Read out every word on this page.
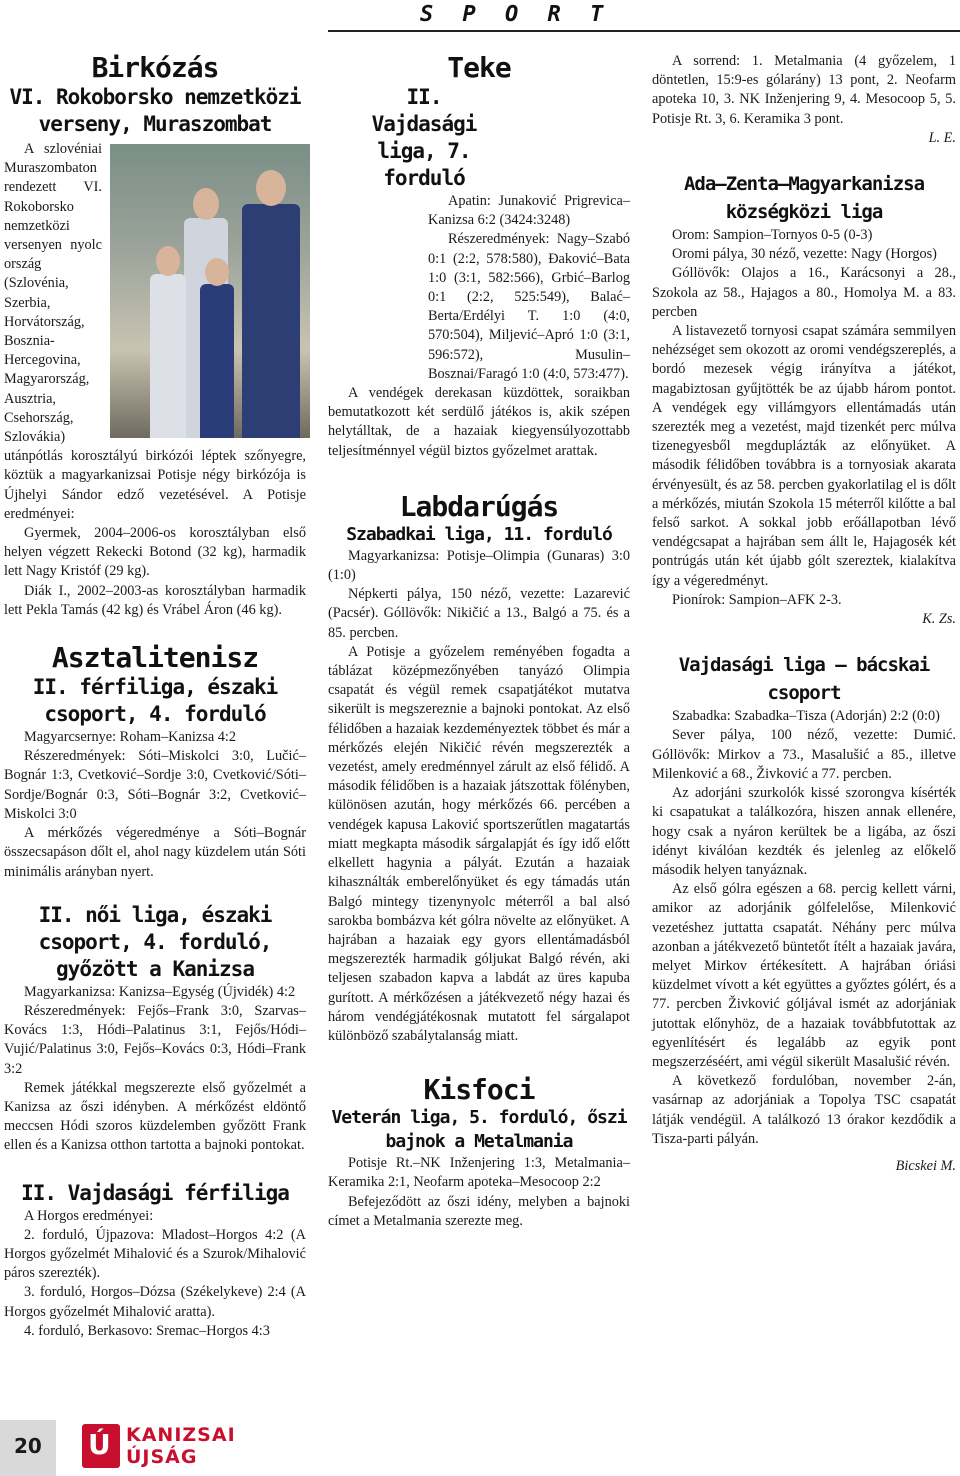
S P O R T
Birkózás
VI. Rokoborsko nemzetközi verseny, Muraszombat

A szlovéniai Muraszombaton rendezett VI. Rokoborsko nemzetközi versenyen nyolc ország (Szlovénia, Szerbia, Horvátország, Bosznia-Hercegovina, Magyarország, Ausztria, Csehország, Szlovákia) utánpótlás korosztályú birkózói léptek szőnyegre, köztük a magyarkanizsai Potisje négy birkózója is Újhelyi Sándor edző vezetésével. A Potisje eredményei:

Gyermek, 2004–2006-os korosztályban első helyen végzett Rekecki Botond (32 kg), harmadik lett Nagy Kristóf (29 kg).

Diák I., 2002–2003-as korosztályban harmadik lett Pekla Tamás (42 kg) és Vrábel Áron (46 kg).

Asztalitenisz
II. férfiliga, északi csoport, 4. forduló

Magyarcsernye: Roham–Kanizsa 4:2

Részeredmények: Sóti–Miskolci 3:0, Lučić–Bognár 1:3, Cvetković–Sordje 3:0, Cvetković/Sóti–Sordje/Bognár 0:3, Sóti–Bognár 3:2, Cvetković–Miskolci 3:0

A mérkőzés végeredménye a Sóti–Bognár összecsapáson dőlt el, ahol nagy küzdelem után Sóti minimális arányban nyert.

II. női liga, északi csoport, 4. forduló, győzött a Kanizsa

Magyarkanizsa: Kanizsa–Egység (Újvidék) 4:2

Részeredmények: Fejős–Frank 3:0, Szarvas–Kovács 1:3, Hódi–Palatinus 3:1, Fejős/Hódi–Vujić/Palatinus 3:0, Fejős–Kovács 0:3, Hódi–Frank 3:2

Remek játékkal megszerezte első győzelmét a Kanizsa az őszi idényben. A mérkőzést eldöntő meccsen Hódi szoros küzdelemben győzött Frank ellen és a Kanizsa otthon tartotta a bajnoki pontokat.

II. Vajdasági férfiliga

A Horgos eredményei:

2. forduló, Újpazova: Mladost–Horgos 4:2 (A Horgos győzelmét Mihalović és a Szurok/Mihalović páros szerezték).

3. forduló, Horgos–Dózsa (Székelykeve) 2:4 (A Horgos győzelmét Mihalović aratta).

4. forduló, Berkasovo: Sremac–Horgos 4:3

Teke
II. Vajdasági liga, 7. forduló

Apatin: Junaković Prigrevica–Kanizsa 6:2 (3424:3248)

Részeredmények: Nagy–Szabó 0:1 (2:2, 578:580), Đaković–Bata 1:0 (3:1, 582:566), Grbić–Barlog 0:1 (2:2, 525:549), Balać–Berta/Erdélyi T. 1:0 (4:0, 570:504), Miljević–Apró 1:0 (3:1, 596:572), Musulin–Bosznai/Faragó 1:0 (4:0, 573:477).

A vendégek derekasan küzdöttek, soraikban bemutatkozott két serdülő játékos is, akik szépen helytálltak, de a hazaiak kiegyensúlyozottabb teljesítménnyel végül biztos győzelmet arattak.

Labdarúgás
Szabadkai liga, 11. forduló

Magyarkanizsa: Potisje–Olimpia (Gunaras) 3:0 (1:0)

Népkerti pálya, 150 néző, vezette: Lazarević (Pacsér). Góllövők: Nikičić a 13., Balgó a 75. és a 85. percben.

A Potisje a győzelem reményében fogadta a táblázat középmezőnyében tanyázó Olimpia csapatát és végül remek csapatjátékot mutatva sikerült is megszereznie a bajnoki pontokat. Az első félidőben a hazaiak kezdeményeztek többet és már a mérkőzés elején Nikičić révén megszerezték a vezetést, amely eredménnyel zárult az első félidő. A második félidőben is a hazaiak játszottak fölényben, különösen azután, hogy mérkőzés 66. percében a vendégek kapusa Laković sportszerűtlen magatartás miatt megkapta második sárgalapját és így idő előtt elkellett hagynia a pályát. Ezután a hazaiak kihasználták emberelőnyüket és egy támadás után Balgó mintegy tizenynyolc méterről a bal alsó sarokba bombázva két gólra növelte az előnyüket. A hajrában a hazaiak egy gyors ellentámadásból megszerezték harmadik góljukat Balgó révén, aki teljesen szabadon kapva a labdát az üres kapuba gurított. A mérkőzésen a játékvezető négy hazai és három vendégjátékosnak mutatott fel sárgalapot különböző szabálytalanság miatt.

Kisfoci
Veterán liga, 5. forduló, őszi bajnok a Metalmania

Potisje Rt.–NK Inženjering 1:3, Metalmania–Keramika 2:1, Neofarm apoteka–Mesocoop 2:2

Befejeződött az őszi idény, melyben a bajnoki címet a Metalmania szerezte meg.

A sorrend: 1. Metalmania (4 győzelem, 1 döntetlen, 15:9-es gólarány) 13 pont, 2. Neofarm apoteka 10, 3. NK Inženjering 9, 4. Mesocoop 5, 5. Potisje Rt. 3, 6. Keramika 3 pont.

L. E.

Ada–Zenta–Magyarkanizsa községközi liga

Orom: Sampion–Tornyos 0-5 (0-3)

Oromi pálya, 30 néző, vezette: Nagy (Horgos)

Góllövők: Olajos a 16., Karácsonyi a 28., Szokola az 58., Hajagos a 80., Homolya M. a 83. percben

A listavezető tornyosi csapat számára semmilyen nehézséget sem okozott az oromi vendégszereplés, a bordó mezesek végig irányítva a játékot, magabiztosan gyűjtötték be az újabb három pontot. A vendégek egy villámgyors ellentámadás után szerezték meg a vezetést, majd tizenkét perc múlva tizenegyesből megduplázták az előnyüket. A második félidőben továbbra is a tornyosiak akarata érvényesült, és az 58. percben gyakorlatilag el is dőlt a mérkőzés, miután Szokola 15 méterről kilőtte a bal felső sarkot. A sokkal jobb erőállapotban lévő vendégcsapat a hajrában sem állt le, Hajagosék két pontrúgás után két újabb gólt szereztek, kialakítva így a végeredményt.

Pionírok: Sampion–AFK 2-3.

K. Zs.

Vajdasági liga – bácskai csoport

Szabadka: Szabadka–Tisza (Adorján) 2:2 (0:0)

Sever pálya, 100 néző, vezette: Dumić. Góllövők: Mirkov a 73., Masalušić a 85., illetve Milenković a 68., Živković a 77. percben.

Az adorjáni szurkolók kissé szorongva kísérték ki csapatukat a találkozóra, hiszen annak ellenére, hogy csak a nyáron kerültek be a ligába, az őszi idényt kiválóan kezdték és jelenleg az előkelő második helyen tanyáznak.

Az első gólra egészen a 68. percig kellett várni, amikor az adorjánik gólfelelőse, Milenković vezetéshez juttatta csapatát. Néhány perc múlva azonban a játékvezető büntetőt ítélt a hazaiak javára, melyet Mirkov értékesített. A hajrában óriási küzdelmet vívott a két együttes a győztes gólért, és a 77. percben Živković góljával ismét az adorjániak jutottak előnyhöz, de a hazaiak továbbfutottak az egyenlítésért és legalább az egyik pont megszerzéséért, ami végül sikerült Masalušić révén.

A következő fordulóban, november 2-án, vasárnap az adorjániak a Topolya TSC csapatát látják vendégül. A találkozó 13 órakor kezdődik a Tisza-parti pályán.

Bicskei M.

20 Ú KANIZSAI
ÚJSÁG
